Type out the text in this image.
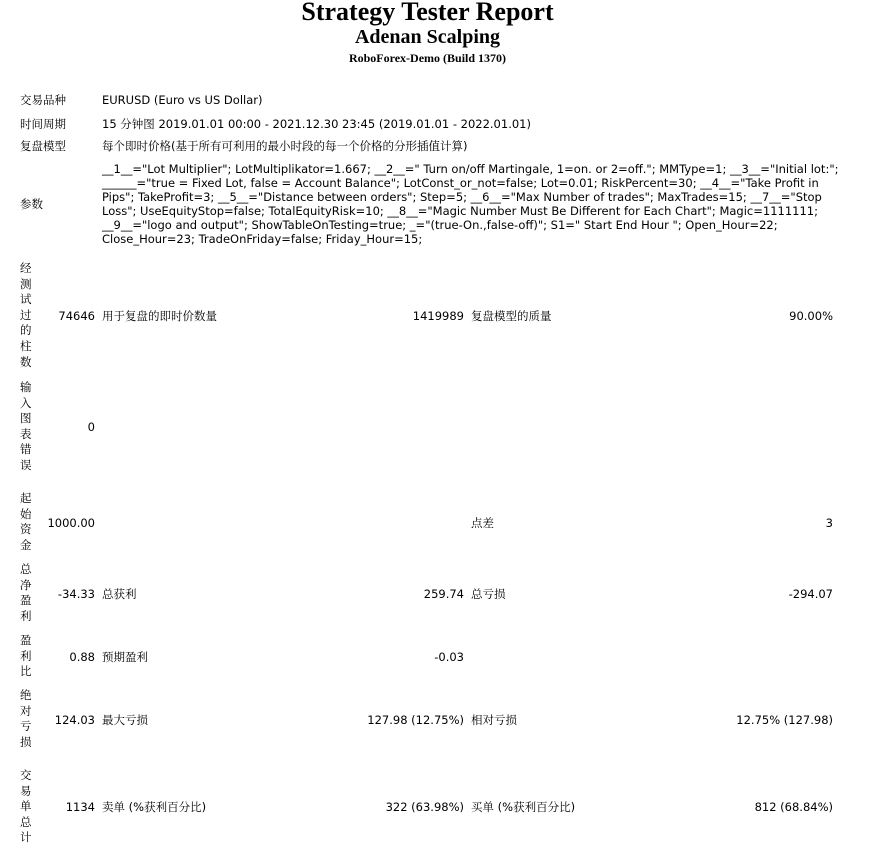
Strategy Tester Report
Adenan Scalping
RoboForex-Demo (Build 1370)
交易品种	EURUSD (Euro vs US Dollar)
时间周期	15 分钟图 2019.01.01 00:00 - 2021.12.30 23:45 (2019.01.01 - 2022.01.01)
复盘模型	每个即时价格(基于所有可利用的最小时段的每一个价格的分形插值计算)
参数
__1__="Lot Multiplier"; LotMultiplikator=1.667; __2__=" Turn on/off Martingale, 1=on. or 2=off."; MMType=1; __3__="Initial lot:"; ______="true = Fixed Lot, false = Account Balance"; LotConst_or_not=false; Lot=0.01; RiskPercent=30; __4__="Take Profit in Pips"; TakeProfit=3; __5__="Distance between orders"; Step=5; __6__="Max Number of trades"; MaxTrades=15; __7__="Stop Loss"; UseEquityStop=false; TotalEquityRisk=10; __8__="Magic Number Must Be Different for Each Chart"; Magic=1111111; __9__="logo and output"; ShowTableOnTesting=true; _="(true-On.,false-off)"; S1=" Start End Hour "; Open_Hour=22; Close_Hour=23; TradeOnFriday=false; Friday_Hour=15;
经测试过的柱数
74646 用于复盘的即时价数量	1419989 复盘模型的质量	90.00%
输入图表错误
0
起始资金
1000.00	点差	3
总净盈利
-34.33 总获利	259.74 总亏损	-294.07
盈利比
0.88 预期盈利	-0.03
绝对亏损
124.03 最大亏损	127.98 (12.75%) 相对亏损	12.75% (127.98)
交易单总计
1134 卖单 (%获利百分比)	322 (63.98%) 买单 (%获利百分比)	812 (68.84%)
